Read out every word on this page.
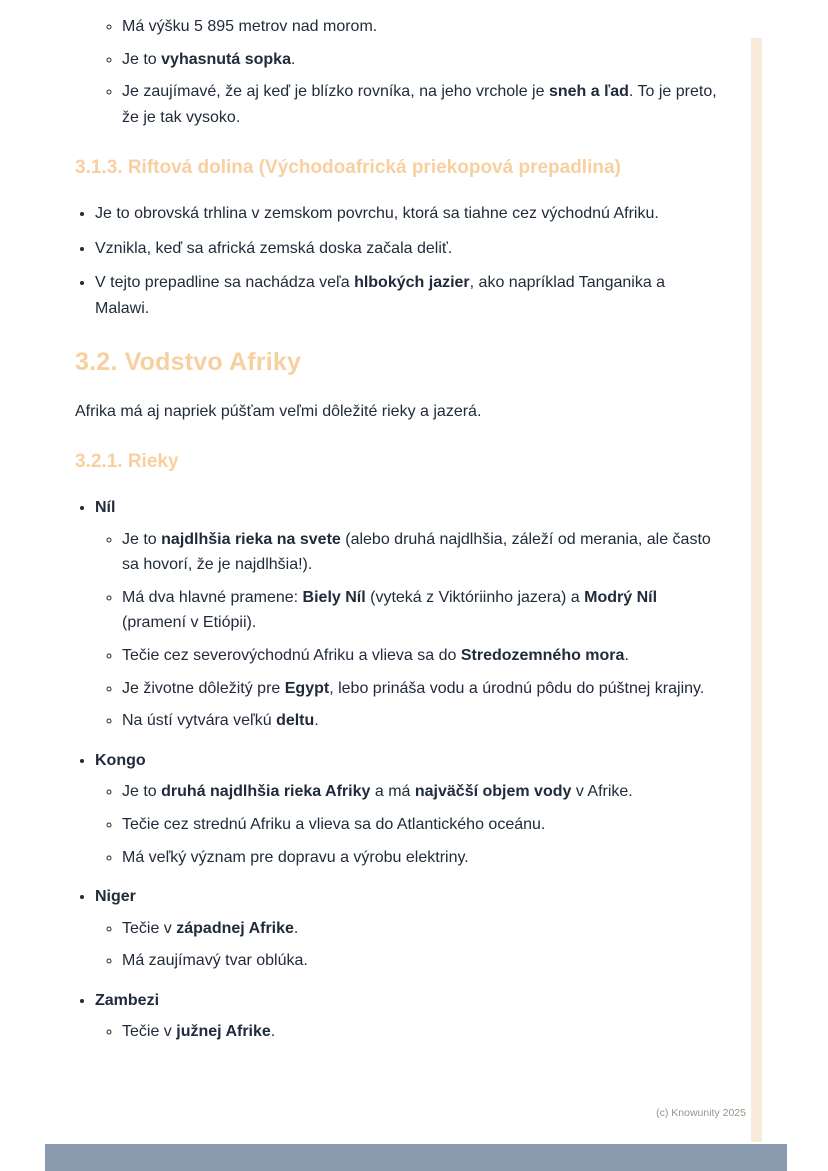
◦ Má výšku 5 895 metrov nad morom.
◦ Je to vyhasnutá sopka.
◦ Je zaujímavé, že aj keď je blízko rovníka, na jeho vrchole je sneh a ľad. To je preto, že je tak vysoko.
3.1.3. Riftová dolina (Východoafrická priekopová prepadlina)
• Je to obrovská trhlina v zemskom povrchu, ktorá sa tiahne cez východnú Afriku.
• Vznikla, keď sa africká zemská doska začala deliť.
• V tejto prepadline sa nachádza veľa hlbokých jazier, ako napríklad Tanganika a Malawi.
3.2. Vodstvo Afriky

Afrika má aj napriek púšťam veľmi dôležité rieky a jazerá.

3.2.1. Rieky
• Níl
◦ Je to najdlhšia rieka na svete (alebo druhá najdlhšia, záleží od merania, ale často sa hovorí, že je najdlhšia!).
◦ Má dva hlavné pramene: Biely Níl (vyteká z Viktóriinho jazera) a Modrý Níl (pramení v Etiópii).
◦ Tečie cez severovýchodnú Afriku a vlieva sa do Stredozemného mora.
◦ Je životne dôležitý pre Egypt, lebo prináša vodu a úrodnú pôdu do púštnej krajiny.
◦ Na ústí vytvára veľkú deltu.
• Kongo
◦ Je to druhá najdlhšia rieka Afriky a má najväčší objem vody v Afrike.
◦ Tečie cez strednú Afriku a vlieva sa do Atlantického oceánu.
◦ Má veľký význam pre dopravu a výrobu elektriny.
• Niger
◦ Tečie v západnej Afrike.
◦ Má zaujímavý tvar oblúka.
• Zambezi
◦ Tečie v južnej Afrike.
(c) Knowunity 2025
